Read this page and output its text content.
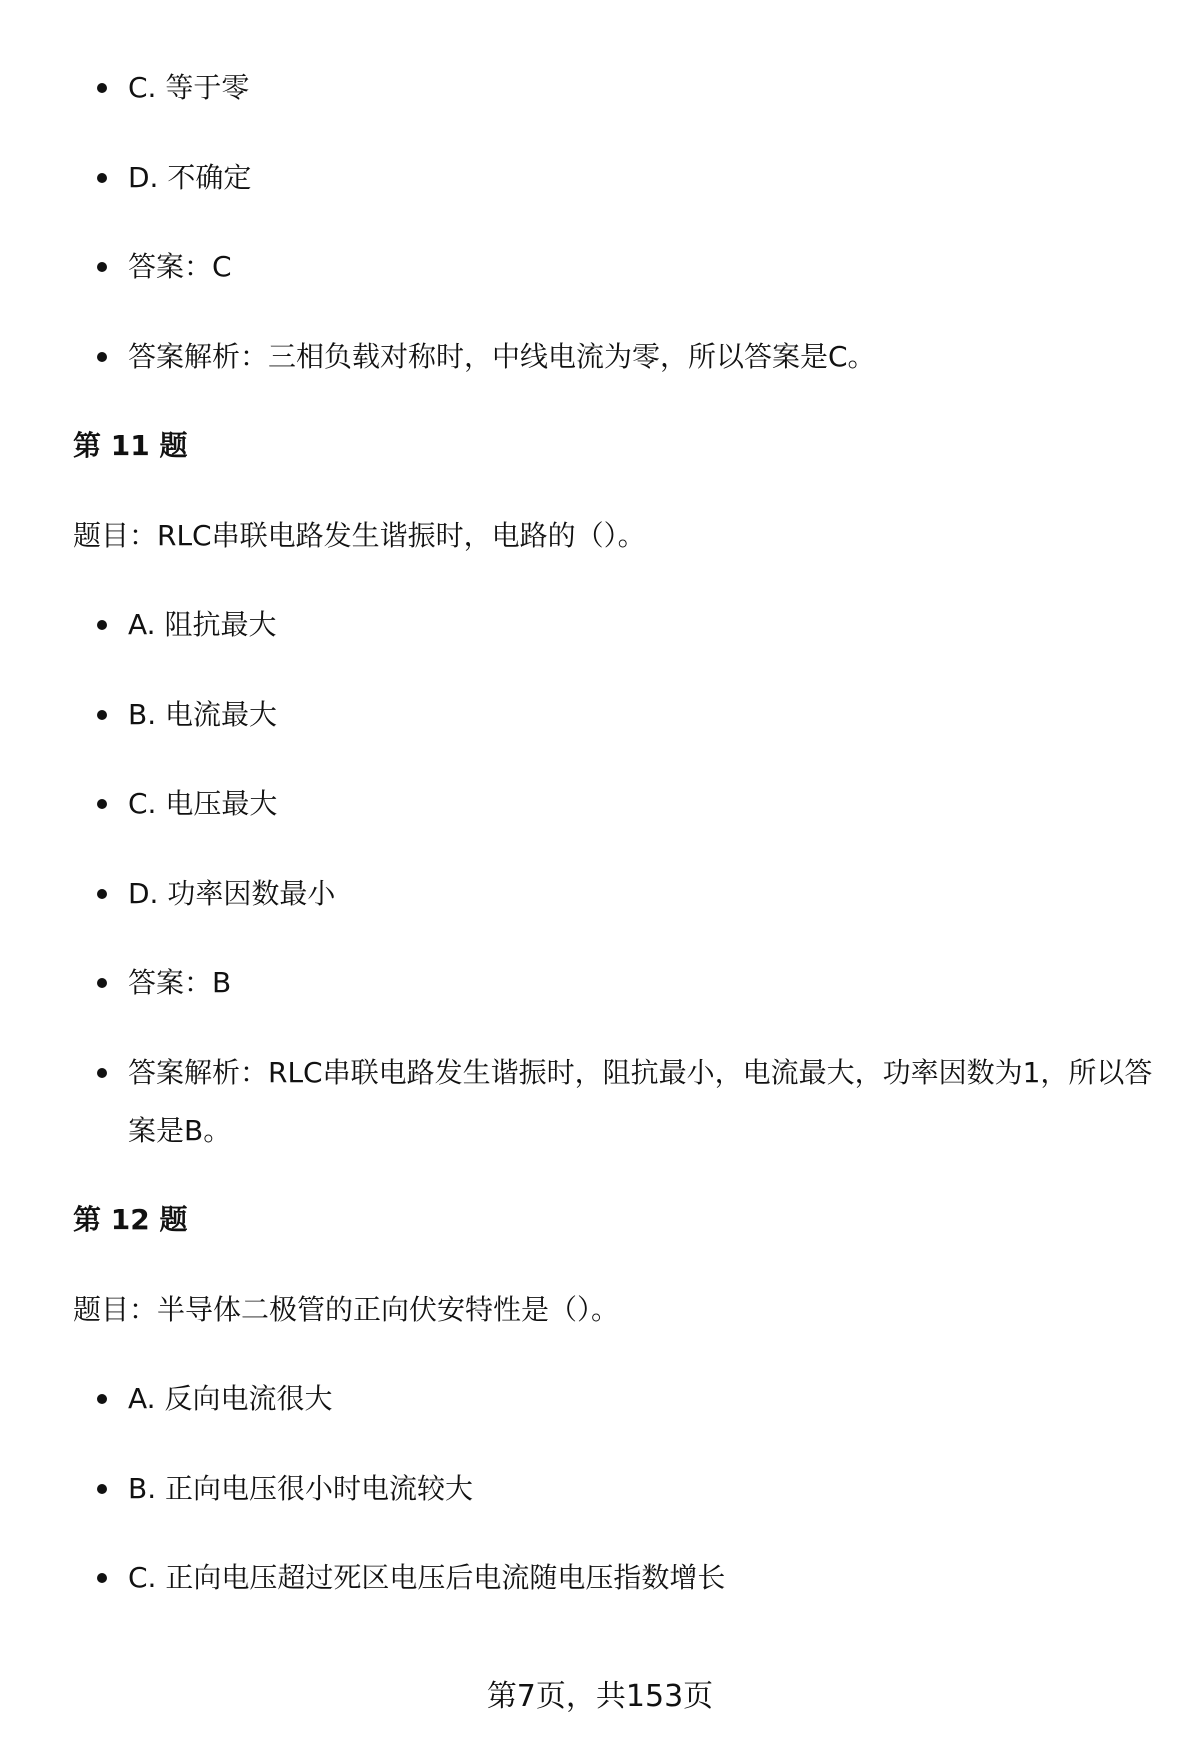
C. 等于零
D. 不确定
答案：C
答案解析：三相负载对称时，中线电流为零，所以答案是C。
第 11 题
题目：RLC串联电路发生谐振时，电路的（）。
A. 阻抗最大
B. 电流最大
C. 电压最大
D. 功率因数最小
答案：B
答案解析：RLC串联电路发生谐振时，阻抗最小，电流最大，功率因数为1，所以答案是B。
第 12 题
题目：半导体二极管的正向伏安特性是（）。
A. 反向电流很大
B. 正向电压很小时电流较大
C. 正向电压超过死区电压后电流随电压指数增长
第7页，共153页
